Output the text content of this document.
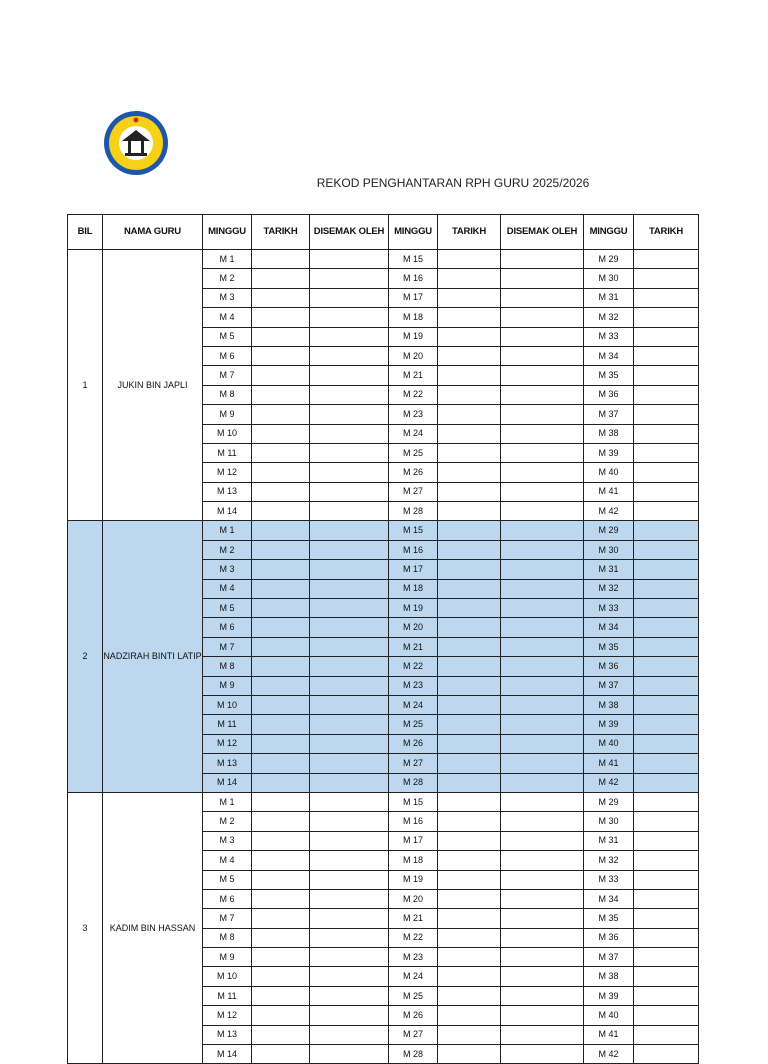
REKOD PENGHANTARAN RPH GURU 2025/2026
BIL	NAMA GURU	MINGGU	TARIKH	DISEMAK OLEH	MINGGU	TARIKH	DISEMAK OLEH	MINGGU	TARIKH
1	JUKIN BIN JAPLI	M 1			M 15			M 29	
		M 2			M 16			M 30	
		M 3			M 17			M 31	
		M 4			M 18			M 32	
		M 5			M 19			M 33	
		M 6			M 20			M 34	
		M 7			M 21			M 35	
		M 8			M 22			M 36	
		M 9			M 23			M 37	
		M 10			M 24			M 38	
		M 11			M 25			M 39	
		M 12			M 26			M 40	
		M 13			M 27			M 41	
		M 14			M 28			M 42	
2	NADZIRAH BINTI LATIP	M 1			M 15			M 29	
		M 2			M 16			M 30	
		M 3			M 17			M 31	
		M 4			M 18			M 32	
		M 5			M 19			M 33	
		M 6			M 20			M 34	
		M 7			M 21			M 35	
		M 8			M 22			M 36	
		M 9			M 23			M 37	
		M 10			M 24			M 38	
		M 11			M 25			M 39	
		M 12			M 26			M 40	
		M 13			M 27			M 41	
		M 14			M 28			M 42	
3	KADIM BIN HASSAN	M 1			M 15			M 29	
		M 2			M 16			M 30	
		M 3			M 17			M 31	
		M 4			M 18			M 32	
		M 5			M 19			M 33	
		M 6			M 20			M 34	
		M 7			M 21			M 35	
		M 8			M 22			M 36	
		M 9			M 23			M 37	
		M 10			M 24			M 38	
		M 11			M 25			M 39	
		M 12			M 26			M 40	
		M 13			M 27			M 41	
		M 14			M 28			M 42	
